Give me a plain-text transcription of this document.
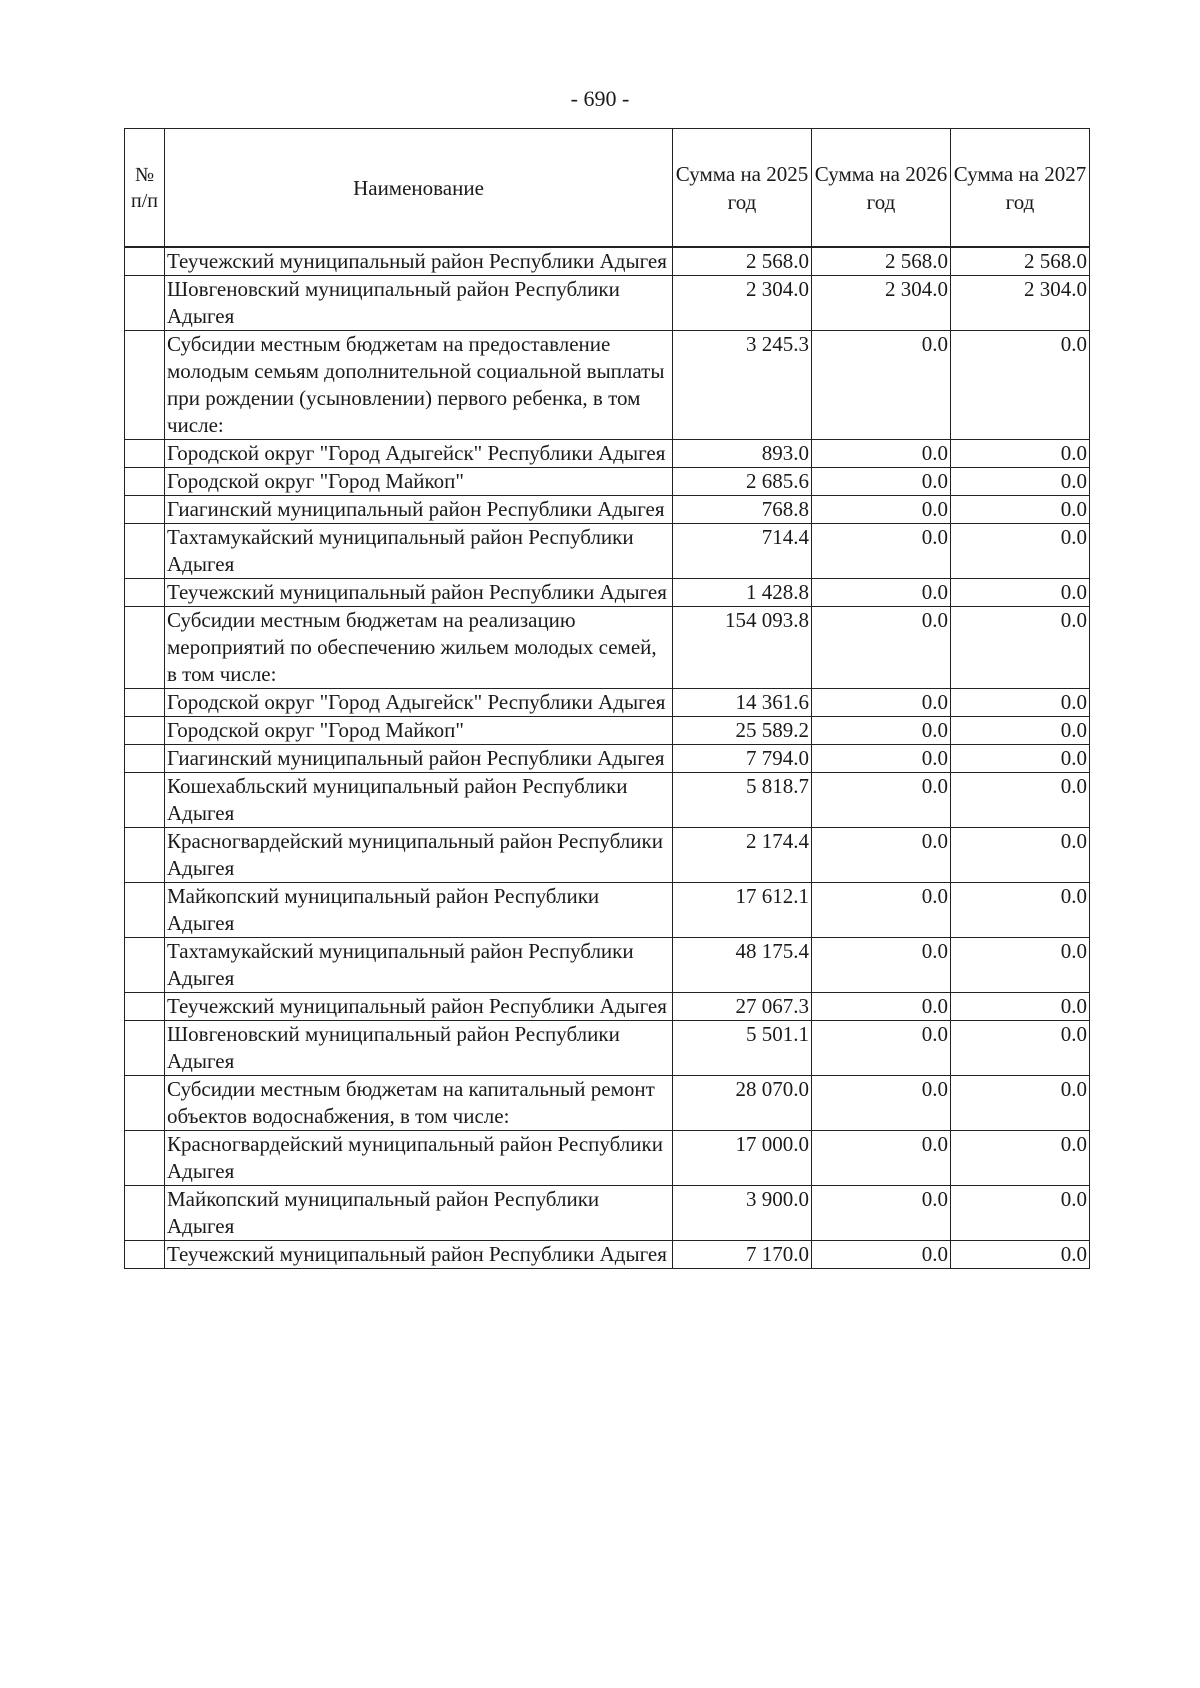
- 690 -
№ п/п	Наименование	Сумма на 2025 год	Сумма на 2026 год	Сумма на 2027 год
	Теучежский муниципальный район Республики Адыгея	2 568.0	2 568.0	2 568.0
	Шовгеновский муниципальный район Республики Адыгея	2 304.0	2 304.0	2 304.0
	Субсидии местным бюджетам на предоставление молодым семьям дополнительной социальной выплаты при рождении (усыновлении) первого ребенка, в том числе:	3 245.3	0.0	0.0
	Городской округ "Город Адыгейск" Республики Адыгея	893.0	0.0	0.0
	Городской округ "Город Майкоп"	2 685.6	0.0	0.0
	Гиагинский муниципальный район Республики Адыгея	768.8	0.0	0.0
	Тахтамукайский муниципальный район Республики Адыгея	714.4	0.0	0.0
	Теучежский муниципальный район Республики Адыгея	1 428.8	0.0	0.0
	Субсидии местным бюджетам на реализацию мероприятий по обеспечению жильем молодых семей, в том числе:	154 093.8	0.0	0.0
	Городской округ "Город Адыгейск" Республики Адыгея	14 361.6	0.0	0.0
	Городской округ "Город Майкоп"	25 589.2	0.0	0.0
	Гиагинский муниципальный район Республики Адыгея	7 794.0	0.0	0.0
	Кошехабльский муниципальный район Республики Адыгея	5 818.7	0.0	0.0
	Красногвардейский муниципальный район Республики Адыгея	2 174.4	0.0	0.0
	Майкопский муниципальный район Республики Адыгея	17 612.1	0.0	0.0
	Тахтамукайский муниципальный район Республики Адыгея	48 175.4	0.0	0.0
	Теучежский муниципальный район Республики Адыгея	27 067.3	0.0	0.0
	Шовгеновский муниципальный район Республики Адыгея	5 501.1	0.0	0.0
	Субсидии местным бюджетам на капитальный ремонт объектов водоснабжения, в том числе:	28 070.0	0.0	0.0
	Красногвардейский муниципальный район Республики Адыгея	17 000.0	0.0	0.0
	Майкопский муниципальный район Республики Адыгея	3 900.0	0.0	0.0
	Теучежский муниципальный район Республики Адыгея	7 170.0	0.0	0.0
